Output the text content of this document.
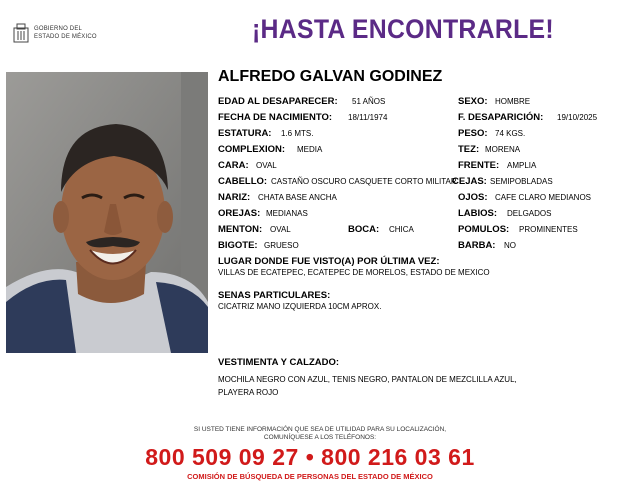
GOBIERNO DEL
ESTADO DE MÉXICO	¡HASTA ENCONTRARLE!
ALFREDO GALVAN GODINEZ
EDAD AL DESAPARECER: 51 AÑOS
FECHA DE NACIMIENTO: 18/11/1974
ESTATURA: 1.6 MTS.
COMPLEXION: MEDIA
CARA: OVAL
CABELLO: CASTAÑO OSCURO CASQUETE CORTO MILITAR
NARIZ: CHATA BASE ANCHA
OREJAS: MEDIANAS
MENTON: OVAL	BOCA: CHICA
BIGOTE: GRUESO
SEXO: HOMBRE
F. DESAPARICIÓN: 19/10/2025
PESO: 74 KGS.
TEZ: MORENA
FRENTE: AMPLIA
CEJAS: SEMIPOBLADAS
OJOS: CAFE CLARO MEDIANOS
LABIOS: DELGADOS
POMULOS: PROMINENTES
BARBA: NO
LUGAR DONDE FUE VISTO(A) POR ÚLTIMA VEZ:
VILLAS DE ECATEPEC, ECATEPEC DE MORELOS, ESTADO DE MEXICO
SENAS PARTICULARES:
CICATRIZ MANO IZQUIERDA 10CM APROX.
VESTIMENTA Y CALZADO:
MOCHILA NEGRO CON AZUL, TENIS NEGRO, PANTALON DE MEZCLILLA AZUL,
PLAYERA ROJO
SI USTED TIENE INFORMACIÓN QUE SEA DE UTILIDAD PARA SU LOCALIZACIÓN,
COMUNÍQUESE A LOS TELÉFONOS:
800 509 09 27 • 800 216 03 61
COMISIÓN DE BÚSQUEDA DE PERSONAS DEL ESTADO DE MÉXICO
